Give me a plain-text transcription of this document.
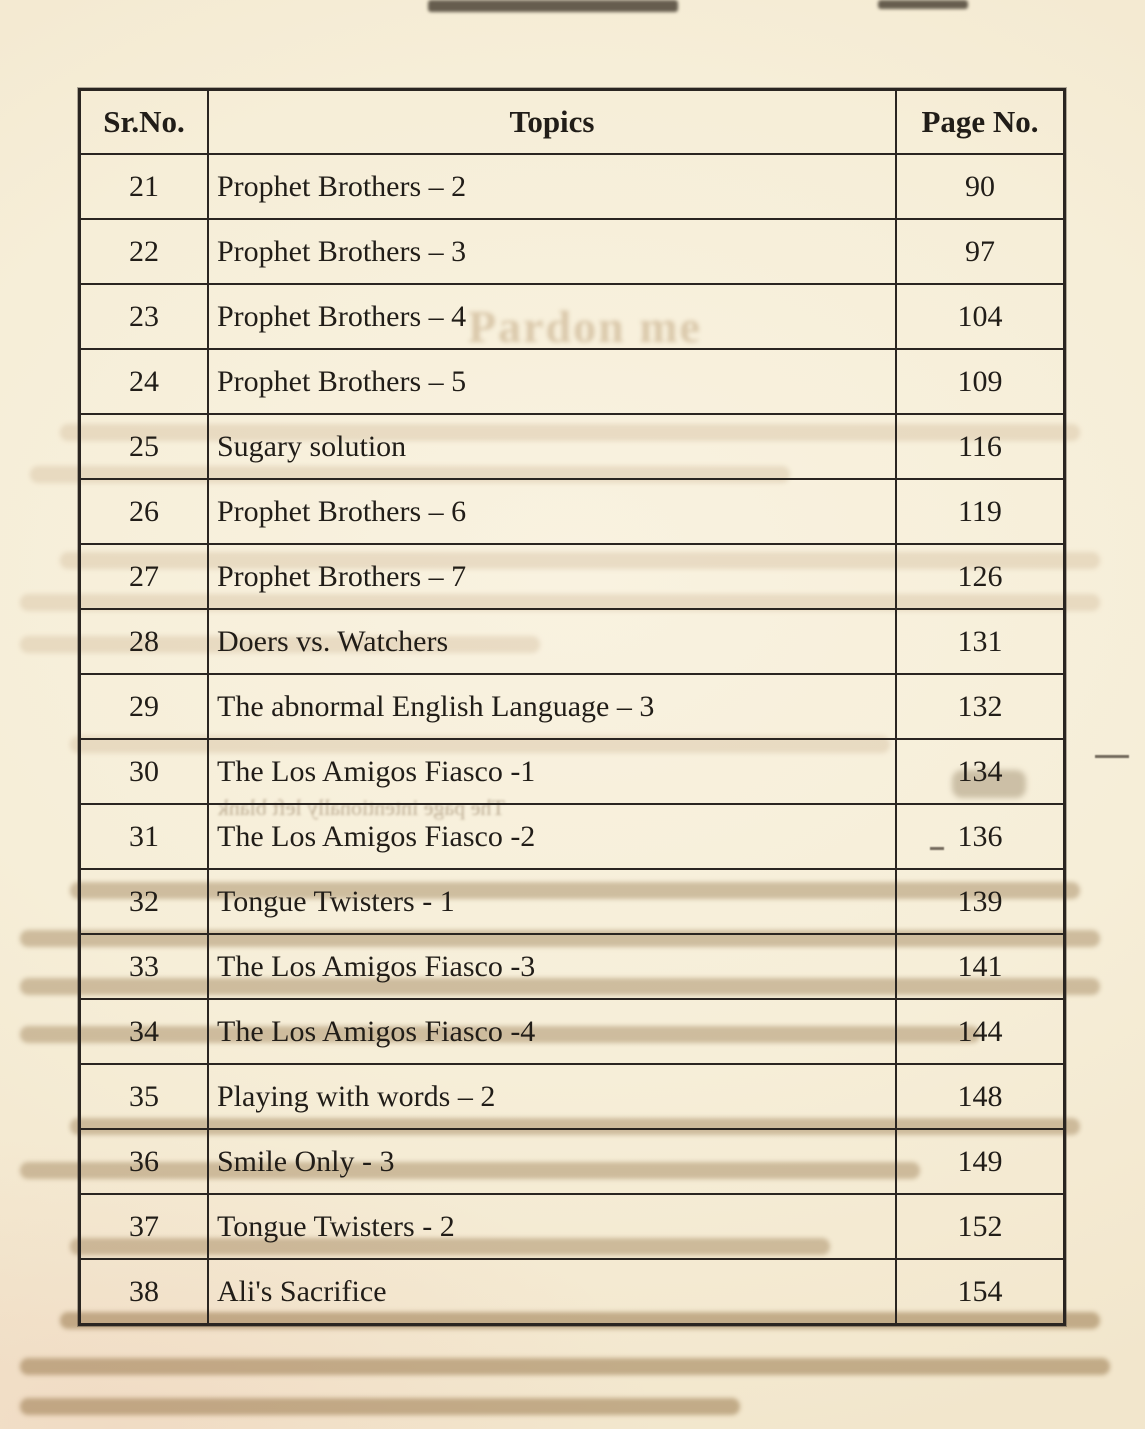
Pardon me
The page intentionally left blank
Sr.No.	Topics	Page No.
21	Prophet Brothers – 2	90
22	Prophet Brothers – 3	97
23	Prophet Brothers – 4	104
24	Prophet Brothers – 5	109
25	Sugary solution	116
26	Prophet Brothers – 6	119
27	Prophet Brothers – 7	126
28	Doers vs. Watchers	131
29	The abnormal English Language – 3	132
30	The Los Amigos Fiasco -1	134
31	The Los Amigos Fiasco -2	136
32	Tongue Twisters - 1	139
33	The Los Amigos Fiasco -3	141
34	The Los Amigos Fiasco -4	144
35	Playing with words – 2	148
36	Smile Only - 3	149
37	Tongue Twisters - 2	152
38	Ali's Sacrifice	154
